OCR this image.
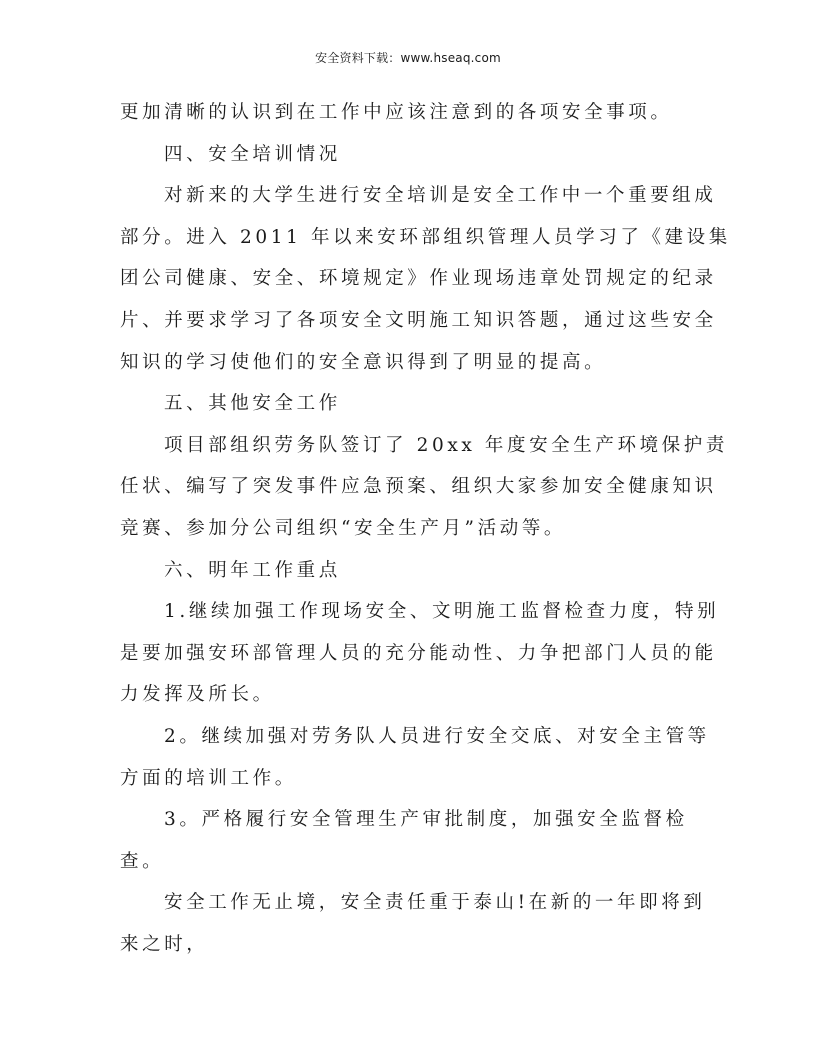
安全资料下载：www.hseaq.com
更加清晰的认识到在工作中应该注意到的各项安全事项。
四、安全培训情况
对新来的大学生进行安全培训是安全工作中一个重要组成
部分。进入 2011 年以来安环部组织管理人员学习了《建设集
团公司健康、安全、环境规定》作业现场违章处罚规定的纪录
片、并要求学习了各项安全文明施工知识答题，通过这些安全
知识的学习使他们的安全意识得到了明显的提高。
五、其他安全工作
项目部组织劳务队签订了 20xx 年度安全生产环境保护责
任状、编写了突发事件应急预案、组织大家参加安全健康知识
竞赛、参加分公司组织“安全生产月”活动等。
六、明年工作重点
1.继续加强工作现场安全、文明施工监督检查力度，特别
是要加强安环部管理人员的充分能动性、力争把部门人员的能
力发挥及所长。
2。继续加强对劳务队人员进行安全交底、对安全主管等
方面的培训工作。
3。严格履行安全管理生产审批制度，加强安全监督检
查。
安全工作无止境，安全责任重于泰山!在新的一年即将到
来之时，
